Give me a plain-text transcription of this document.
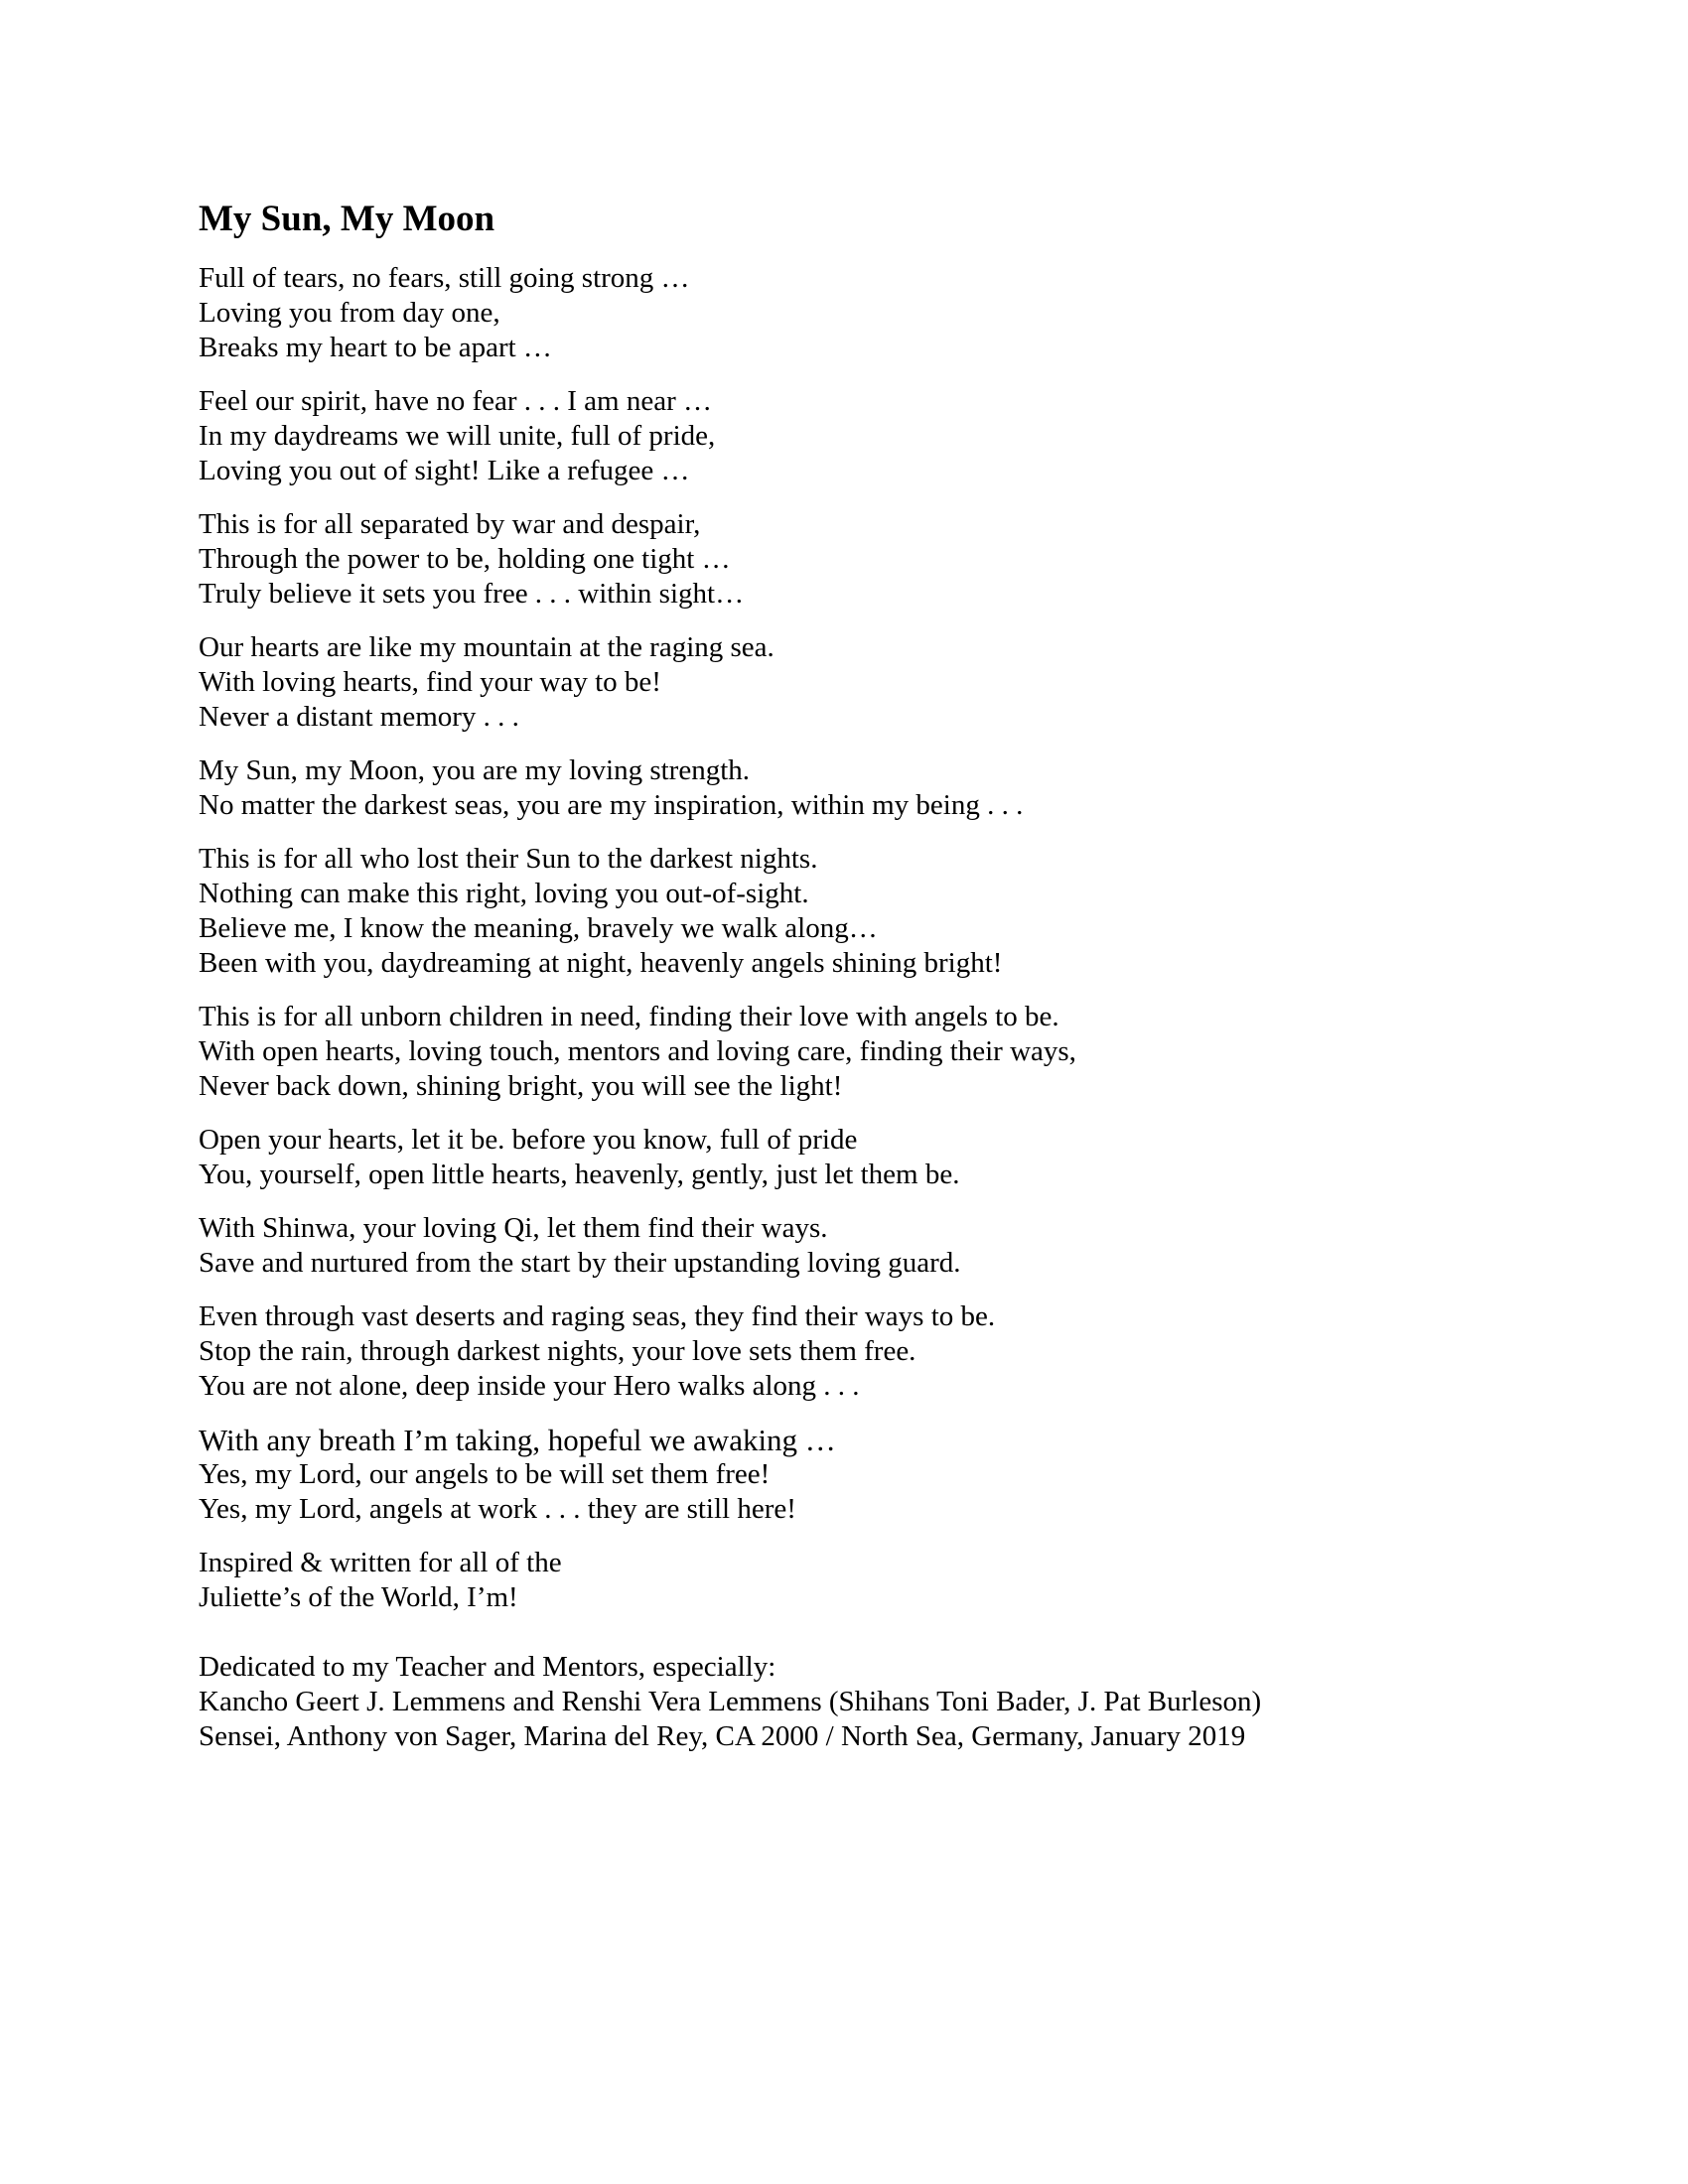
My Sun, My Moon
Full of tears, no fears, still going strong …
Loving you from day one,
Breaks my heart to be apart …
Feel our spirit, have no fear . . . I am near …
In my daydreams we will unite, full of pride,
Loving you out of sight! Like a refugee …
This is for all separated by war and despair,
Through the power to be, holding one tight …
Truly believe it sets you free . . . within sight…
Our hearts are like my mountain at the raging sea.
With loving hearts, find your way to be!
Never a distant memory . . .
My Sun, my Moon, you are my loving strength.
No matter the darkest seas, you are my inspiration, within my being . . .
This is for all who lost their Sun to the darkest nights.
Nothing can make this right, loving you out-of-sight.
Believe me, I know the meaning, bravely we walk along…
Been with you, daydreaming at night, heavenly angels shining bright!
This is for all unborn children in need, finding their love with angels to be.
With open hearts, loving touch, mentors and loving care, finding their ways,
Never back down, shining bright, you will see the light!
Open your hearts, let it be. before you know, full of pride
You, yourself, open little hearts, heavenly, gently, just let them be.
With Shinwa, your loving Qi, let them find their ways.
Save and nurtured from the start by their upstanding loving guard.
Even through vast deserts and raging seas, they find their ways to be.
Stop the rain, through darkest nights, your love sets them free.
You are not alone, deep inside your Hero walks along . . .
With any breath I’m taking, hopeful we awaking …
Yes, my Lord, our angels to be will set them free!
Yes, my Lord, angels at work . . . they are still here!
Inspired & written for all of the
Juliette’s of the World, I’m!
Dedicated to my Teacher and Mentors, especially:
Kancho Geert J. Lemmens and Renshi Vera Lemmens (Shihans Toni Bader, J. Pat Burleson)
Sensei, Anthony von Sager, Marina del Rey, CA 2000 / North Sea, Germany, January 2019
